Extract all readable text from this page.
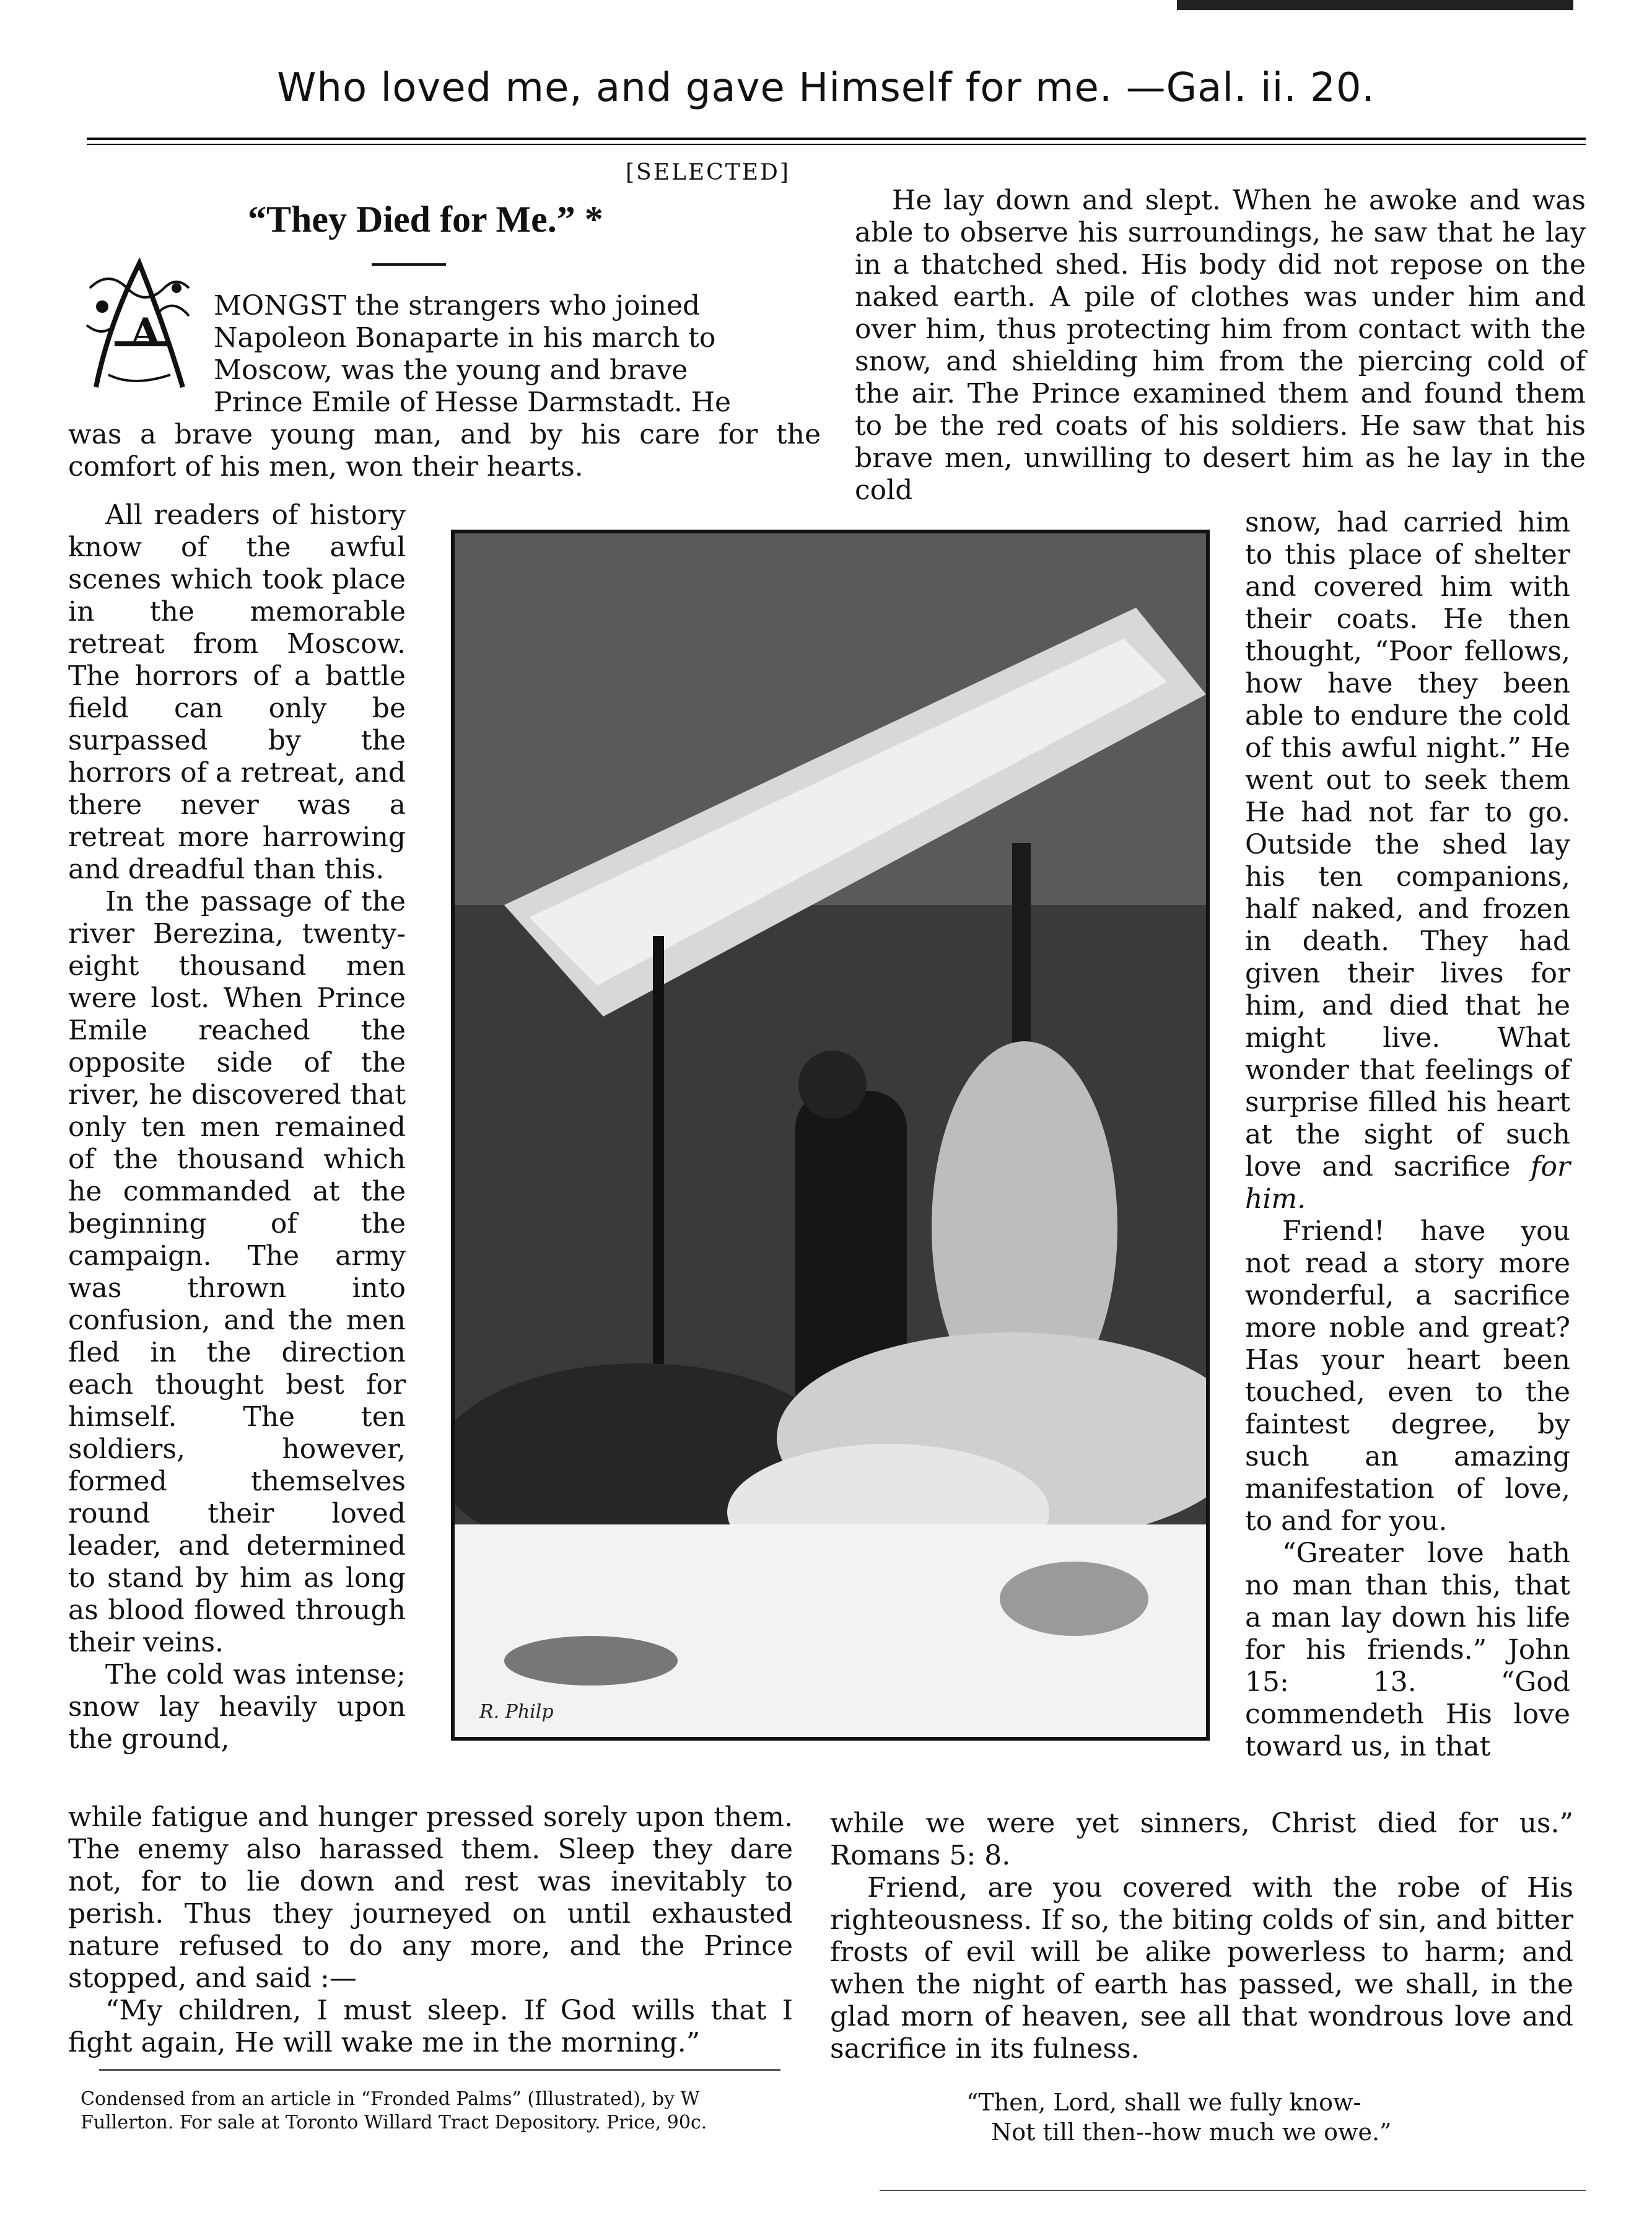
Who loved me, and gave Himself for me. —Gal. ii. 20.
[SELECTED]
“They Died for Me.” *
A
MONGST the strangers who joined
Napoleon Bonaparte in his march to
Moscow, was the young and brave
Prince Emile of Hesse Darmstadt. He

was a brave young man, and by his care for the comfort of his men, won their hearts.

All readers of history know of the awful scenes which took place in the memorable retreat from Moscow. The horrors of a battle field can only be surpassed by the horrors of a retreat, and there never was a retreat more harrowing and dreadful than this.

In the passage of the river Berezina, twenty-eight thousand men were lost. When Prince Emile reached the opposite side of the river, he discovered that only ten men remained of the thousand which he commanded at the beginning of the campaign. The army was thrown into confusion, and the men fled in the direction each thought best for himself. The ten soldiers, however, formed themselves round their loved leader, and determined to stand by him as long as blood flowed through their veins.

The cold was intense; snow lay heavily upon the ground,

R. Philp

while fatigue and hunger pressed sorely upon them. The enemy also harassed them. Sleep they dare not, for to lie down and rest was inevitably to perish. Thus they journeyed on until exhausted nature refused to do any more, and the Prince stopped, and said :—

“My children, I must sleep. If God wills that I fight again, He will wake me in the morning.”

Condensed from an article in “Fronded Palms” (Illustrated), by W
Fullerton. For sale at Toronto Willard Tract Depository. Price, 90c.

He lay down and slept. When he awoke and was able to observe his surroundings, he saw that he lay in a thatched shed. His body did not repose on the naked earth. A pile of clothes was under him and over him, thus protecting him from contact with the snow, and shielding him from the piercing cold of the air. The Prince examined them and found them to be the red coats of his soldiers. He saw that his brave men, unwilling to desert him as he lay in the cold

snow, had carried him to this place of shelter and covered him with their coats. He then thought, “Poor fellows, how have they been able to endure the cold of this awful night.” He went out to seek them He had not far to go. Outside the shed lay his ten companions, half naked, and frozen in death. They had given their lives for him, and died that he might live. What wonder that feelings of surprise filled his heart at the sight of such love and sacrifice for him.

Friend! have you not read a story more wonderful, a sacrifice more noble and great? Has your heart been touched, even to the faintest degree, by such an amazing manifestation of love, to and for you.

“Greater love hath no man than this, that a man lay down his life for his friends.” John 15: 13. “God commendeth His love toward us, in that

while we were yet sinners, Christ died for us.” Romans 5: 8.

Friend, are you covered with the robe of His righteousness. If so, the biting colds of sin, and bitter frosts of evil will be alike powerless to harm; and when the night of earth has passed, we shall, in the glad morn of heaven, see all that wondrous love and sacrifice in its fulness.

“Then, Lord, shall we fully know-
Not till then--how much we owe.”
